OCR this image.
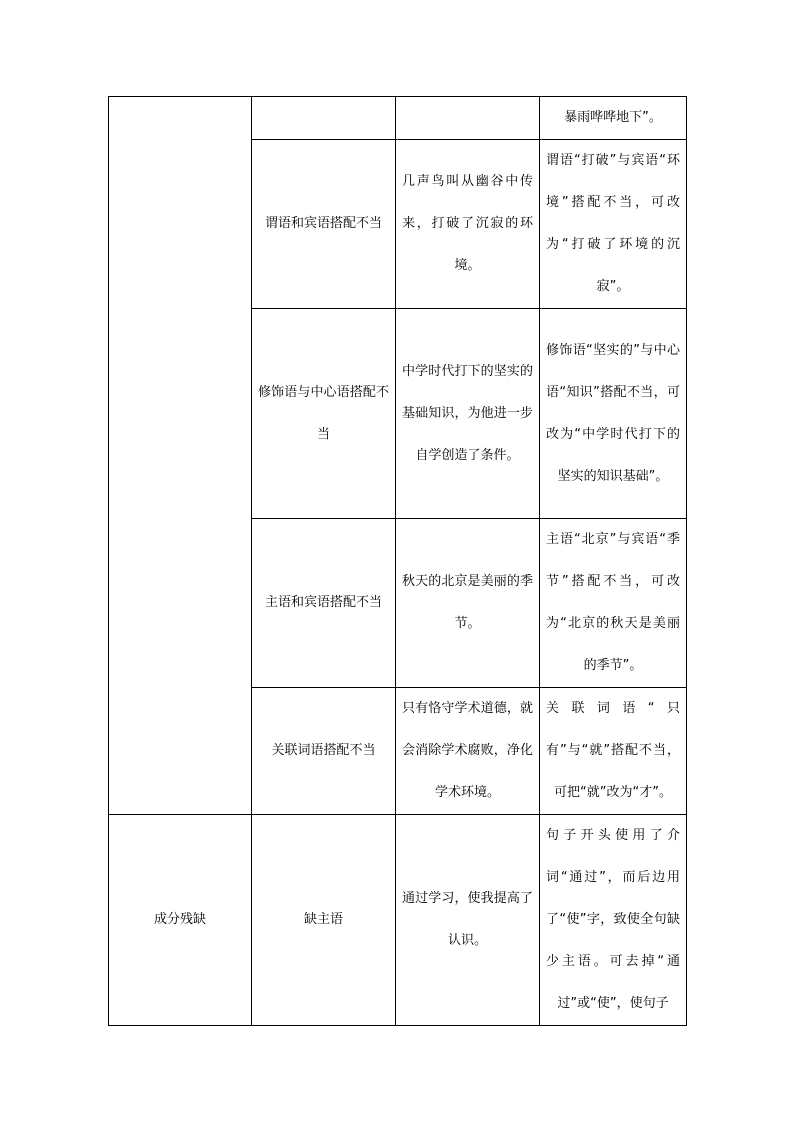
			暴雨哗哗地下”。
	谓语和宾语搭配不当	几声鸟叫从幽谷中传来，打破了沉寂的环境。	谓语“打破”与宾语“环境”搭配不当，可改为“打破了环境的沉寂”。
	修饰语与中心语搭配不当	中学时代打下的坚实的基础知识，为他进一步自学创造了条件。	修饰语“坚实的”与中心语“知识”搭配不当，可改为“中学时代打下的坚实的知识基础”。
	主语和宾语搭配不当	秋天的北京是美丽的季节。	主语“北京”与宾语“季节”搭配不当，可改为“北京的秋天是美丽的季节”。
	关联词语搭配不当	只有恪守学术道德，就会消除学术腐败，净化学术环境。	关联词语“只有”与“就”搭配不当，可把“就”改为“才”。
成分残缺	缺主语	通过学习，使我提高了认识。	句子开头使用了介词“通过”，而后边用了“使”字，致使全句缺少主语。可去掉“通过”或“使”，使句子
